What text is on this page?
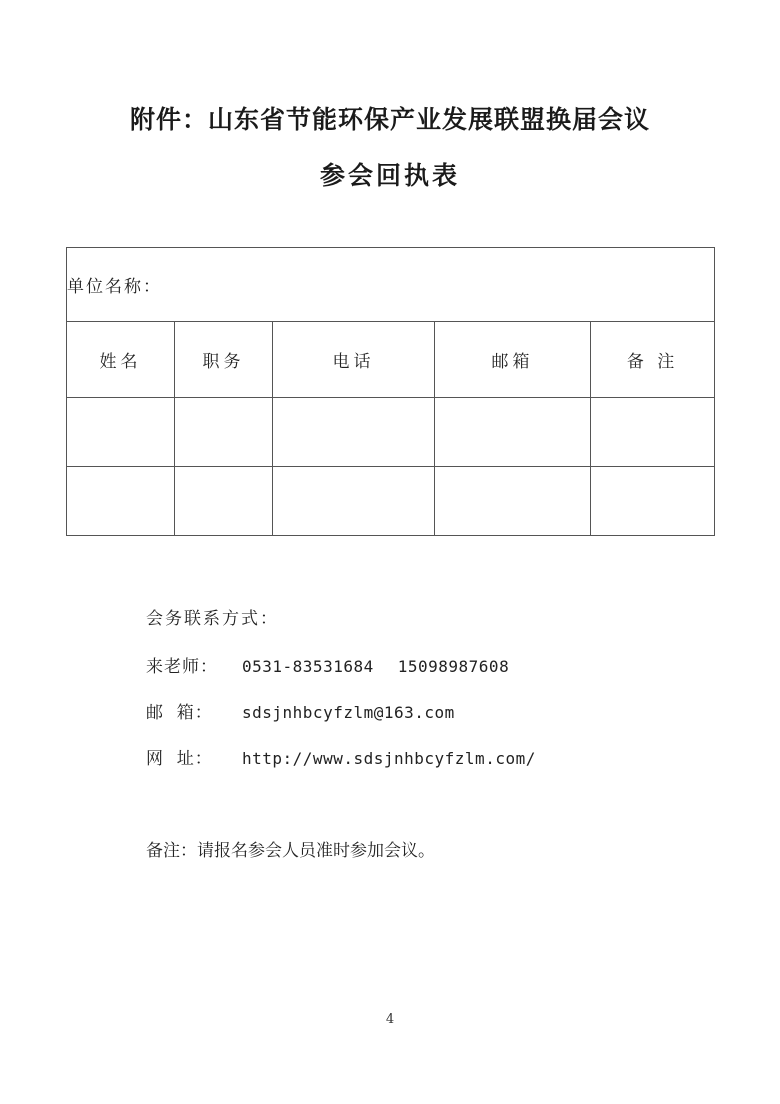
附件：山东省节能环保产业发展联盟换届会议
参会回执表
单位名称：				
姓名	职务	电话	邮箱	备 注

会务联系方式：
来老师： 0531-83531684 15098987608
邮  箱： sdsjnhbcyfzlm@163.com
网  址： http://www.sdsjnhbcyfzlm.com/
备注：请报名参会人员准时参加会议。
4
